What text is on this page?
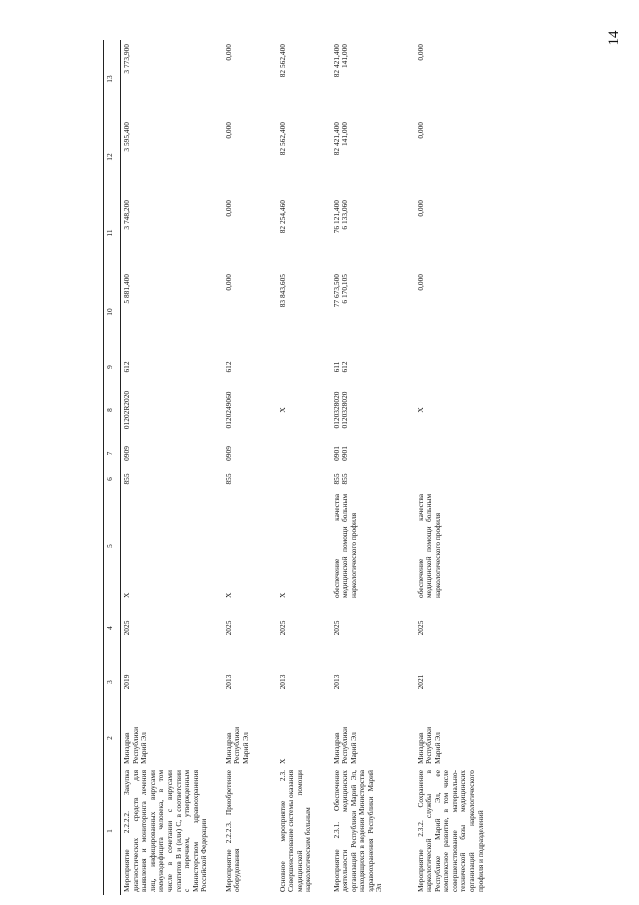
14
1	2	3	4	5	6	7	8	9	10	11	12	13
Мероприятие 2.2.2.2. Закупка диагностических средств для выявления и мониторинга лечения лиц, инфицированных вирусами иммунодефицита человека, в том числе в сочетании с вирусами гепатитов B и (или) C, в соответствии с перечнем, утвержденным Министерством здравоохранения Российской Федерации	Минздрав Республики Марий Эл	2019	2025	X	855	0909	01202R2020	612	5 881,400	3 748,200	3 595,400	3 773,900

Мероприятие 2.2.2.3. Приобретение оборудования	Минздрав Республики Марий Эл	2013	2025	X	855	0909	0120249060	612	0,000	0,000	0,000	0,000

Основное мероприятие 2.3. Совершенствование системы оказания медицинской помощи наркологическим больным	X	2013	2025	X			X		83 843,605	82 254,460	82 562,400	82 562,400

Мероприятие 2.3.1. Обеспечение деятельности медицинских организаций Республики Марий Эл, находящихся в ведении Министерства здравоохранения Республики Марий Эл	Минздрав Республики Марий Эл	2013	2025	обеспечение качества медицинской помощи больным наркологического профиля	855 855	0901 0901	0120328020 0120328020	611 612	77 673,500 6 170,105	76 121,400 6 133,060	82 421,400 141,000	82 421,400 141,000

Мероприятие 2.3.2. Сохранение наркологической службы в Республике Марий Эл, ее комплексное развитие, в том числе совершенствование материально-технической базы медицинских организаций наркологического профиля и подразделений	Минздрав Республики Марий Эл	2021	2025	обеспечение качества медицинской помощи больным наркологического профиля			X		0,000	0,000	0,000	0,000
